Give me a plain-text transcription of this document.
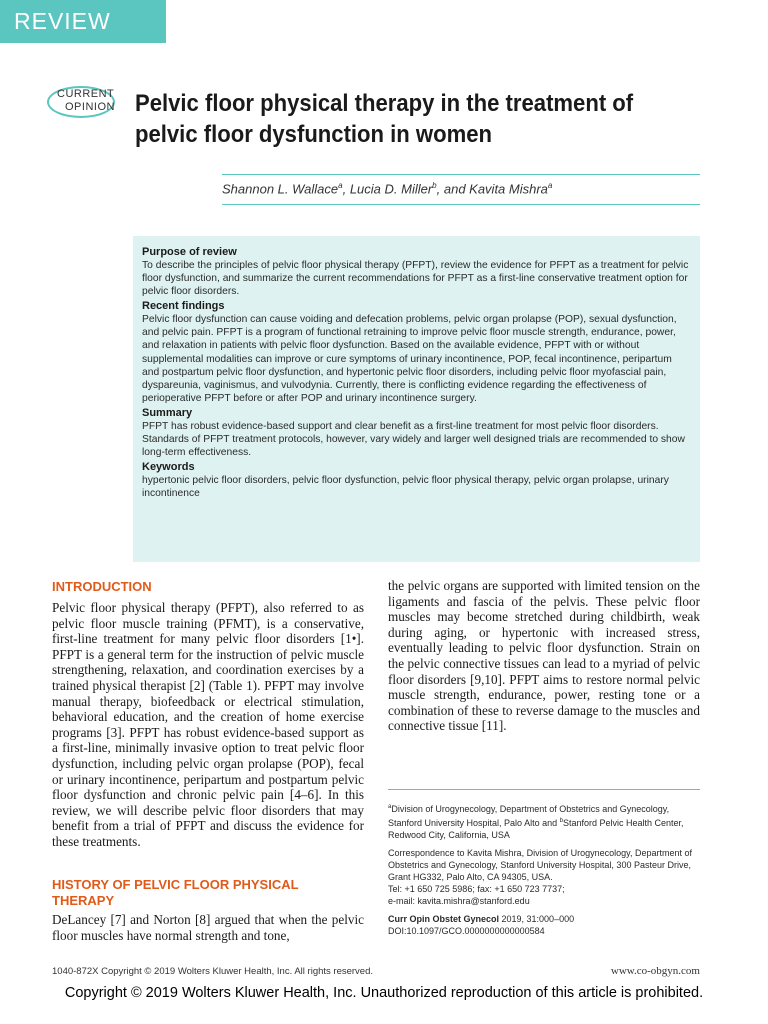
REVIEW
CURRENT
OPINION Pelvic floor physical therapy in the treatment of pelvic floor dysfunction in women
Shannon L. Wallace$^a$, Lucia D. Miller$^b$, and Kavita Mishra$^a$
Purpose of review

To describe the principles of pelvic floor physical therapy (PFPT), review the evidence for PFPT as a treatment for pelvic floor dysfunction, and summarize the current recommendations for PFPT as a first-line conservative treatment option for pelvic floor disorders.

Recent findings

Pelvic floor dysfunction can cause voiding and defecation problems, pelvic organ prolapse (POP), sexual dysfunction, and pelvic pain. PFPT is a program of functional retraining to improve pelvic floor muscle strength, endurance, power, and relaxation in patients with pelvic floor dysfunction. Based on the available evidence, PFPT with or without supplemental modalities can improve or cure symptoms of urinary incontinence, POP, fecal incontinence, peripartum and postpartum pelvic floor dysfunction, and hypertonic pelvic floor disorders, including pelvic floor myofascial pain, dyspareunia, vaginismus, and vulvodynia. Currently, there is conflicting evidence regarding the effectiveness of perioperative PFPT before or after POP and urinary incontinence surgery.

Summary

PFPT has robust evidence-based support and clear benefit as a first-line treatment for most pelvic floor disorders. Standards of PFPT treatment protocols, however, vary widely and larger well designed trials are recommended to show long-term effectiveness.

Keywords

hypertonic pelvic floor disorders, pelvic floor dysfunction, pelvic floor physical therapy, pelvic organ prolapse, urinary incontinence

INTRODUCTION

Pelvic floor physical therapy (PFPT), also referred to as pelvic floor muscle training (PFMT), is a conservative, first-line treatment for many pelvic floor disorders [1•]. PFPT is a general term for the instruction of pelvic muscle strengthening, relaxation, and coordination exercises by a trained physical therapist [2] (Table 1). PFPT may involve manual therapy, biofeedback or electrical stimulation, behavioral education, and the creation of home exercise programs [3]. PFPT has robust evidence-based support as a first-line, minimally invasive option to treat pelvic floor dysfunction, including pelvic organ prolapse (POP), fecal or urinary incontinence, peripartum and postpartum pelvic floor dysfunction and chronic pelvic pain [4–6]. In this review, we will describe pelvic floor disorders that may benefit from a trial of PFPT and discuss the evidence for these treatments.

HISTORY OF PELVIC FLOOR PHYSICAL THERAPY

DeLancey [7] and Norton [8] argued that when the pelvic floor muscles have normal strength and tone,

the pelvic organs are supported with limited tension on the ligaments and fascia of the pelvis. These pelvic floor muscles may become stretched during childbirth, weak during aging, or hypertonic with increased stress, eventually leading to pelvic floor dysfunction. Strain on the pelvic connective tissues can lead to a myriad of pelvic floor disorders [9,10]. PFPT aims to restore normal pelvic muscle strength, endurance, power, resting tone or a combination of these to reverse damage to the muscles and connective tissue [11].

$^a$Division of Urogynecology, Department of Obstetrics and Gynecology, Stanford University Hospital, Palo Alto and $^b$Stanford Pelvic Health Center, Redwood City, California, USA

Correspondence to Kavita Mishra, Division of Urogynecology, Department of Obstetrics and Gynecology, Stanford University Hospital, 300 Pasteur Drive, Grant HG332, Palo Alto, CA 94305, USA.
Tel: +1 650 725 5986; fax: +1 650 723 7737;
e-mail: kavita.mishra@stanford.edu

Curr Opin Obstet Gynecol 2019, 31:000–000
DOI:10.1097/GCO.0000000000000584

1040-872X Copyright © 2019 Wolters Kluwer Health, Inc. All rights reserved.	www.co-obgyn.com
Copyright © 2019 Wolters Kluwer Health, Inc. Unauthorized reproduction of this article is prohibited.
